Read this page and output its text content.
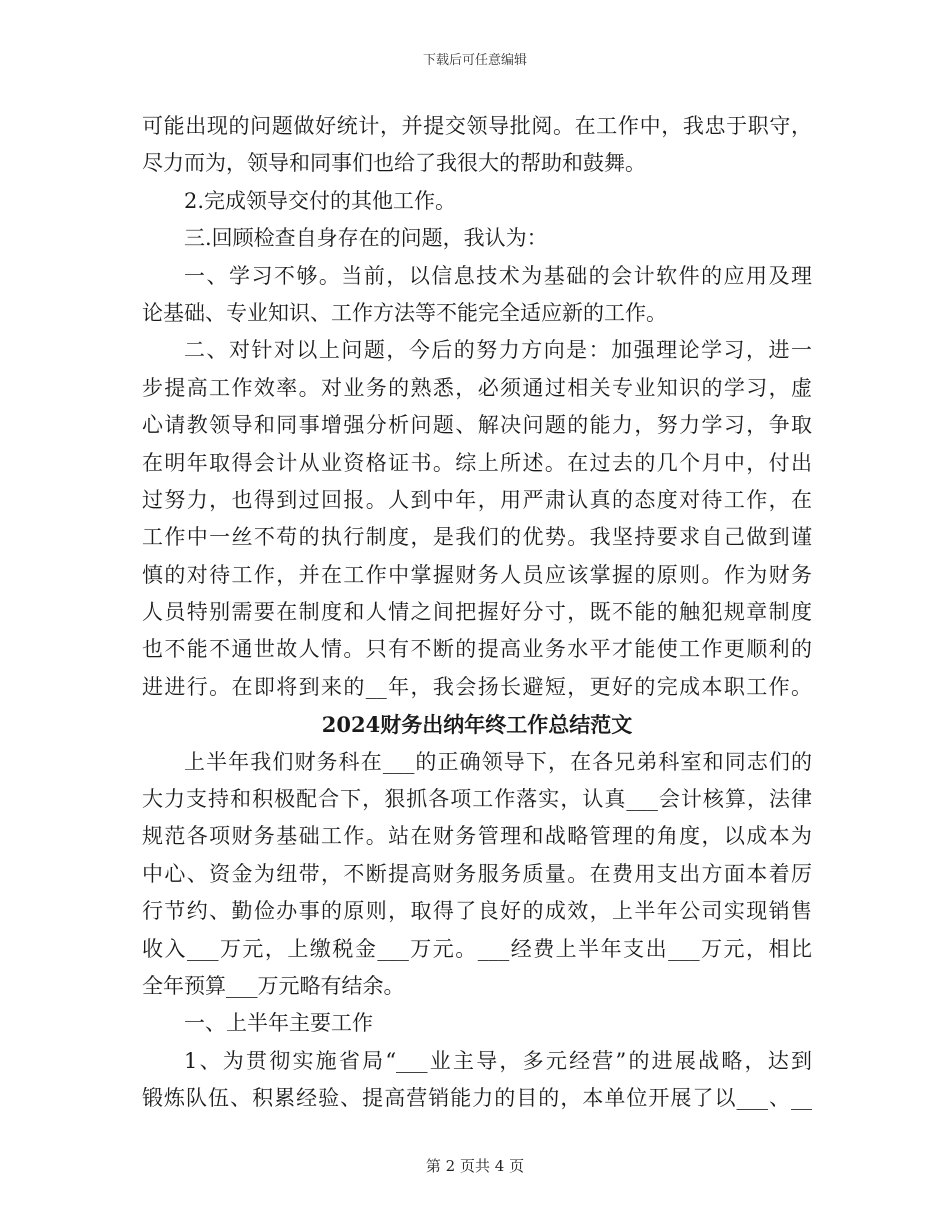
下载后可任意编辑
可能出现的问题做好统计，并提交领导批阅。在工作中，我忠于职守，
尽力而为，领导和同事们也给了我很大的帮助和鼓舞。
2.完成领导交付的其他工作。
三.回顾检查自身存在的问题，我认为：
一、学习不够。当前，以信息技术为基础的会计软件的应用及理
论基础、专业知识、工作方法等不能完全适应新的工作。
二、对针对以上问题，今后的努力方向是：加强理论学习，进一
步提高工作效率。对业务的熟悉，必须通过相关专业知识的学习，虚
心请教领导和同事增强分析问题、解决问题的能力，努力学习，争取
在明年取得会计从业资格证书。综上所述。在过去的几个月中，付出
过努力，也得到过回报。人到中年，用严肃认真的态度对待工作，在
工作中一丝不苟的执行制度，是我们的优势。我坚持要求自己做到谨
慎的对待工作，并在工作中掌握财务人员应该掌握的原则。作为财务
人员特别需要在制度和人情之间把握好分寸，既不能的触犯规章制度
也不能不通世故人情。只有不断的提高业务水平才能使工作更顺利的
进进行。在即将到来的__年，我会扬长避短，更好的完成本职工作。
2024财务出纳年终工作总结范文
上半年我们财务科在___的正确领导下，在各兄弟科室和同志们的
大力支持和积极配合下，狠抓各项工作落实，认真___会计核算，法律
规范各项财务基础工作。站在财务管理和战略管理的角度，以成本为
中心、资金为纽带，不断提高财务服务质量。在费用支出方面本着厉
行节约、勤俭办事的原则，取得了良好的成效，上半年公司实现销售
收入___万元，上缴税金___万元。___经费上半年支出___万元，相比
全年预算___万元略有结余。
一、上半年主要工作
1、为贯彻实施省局“___业主导，多元经营”的进展战略，达到
锻炼队伍、积累经验、提高营销能力的目的，本单位开展了以___、__
第 2 页共 4 页
